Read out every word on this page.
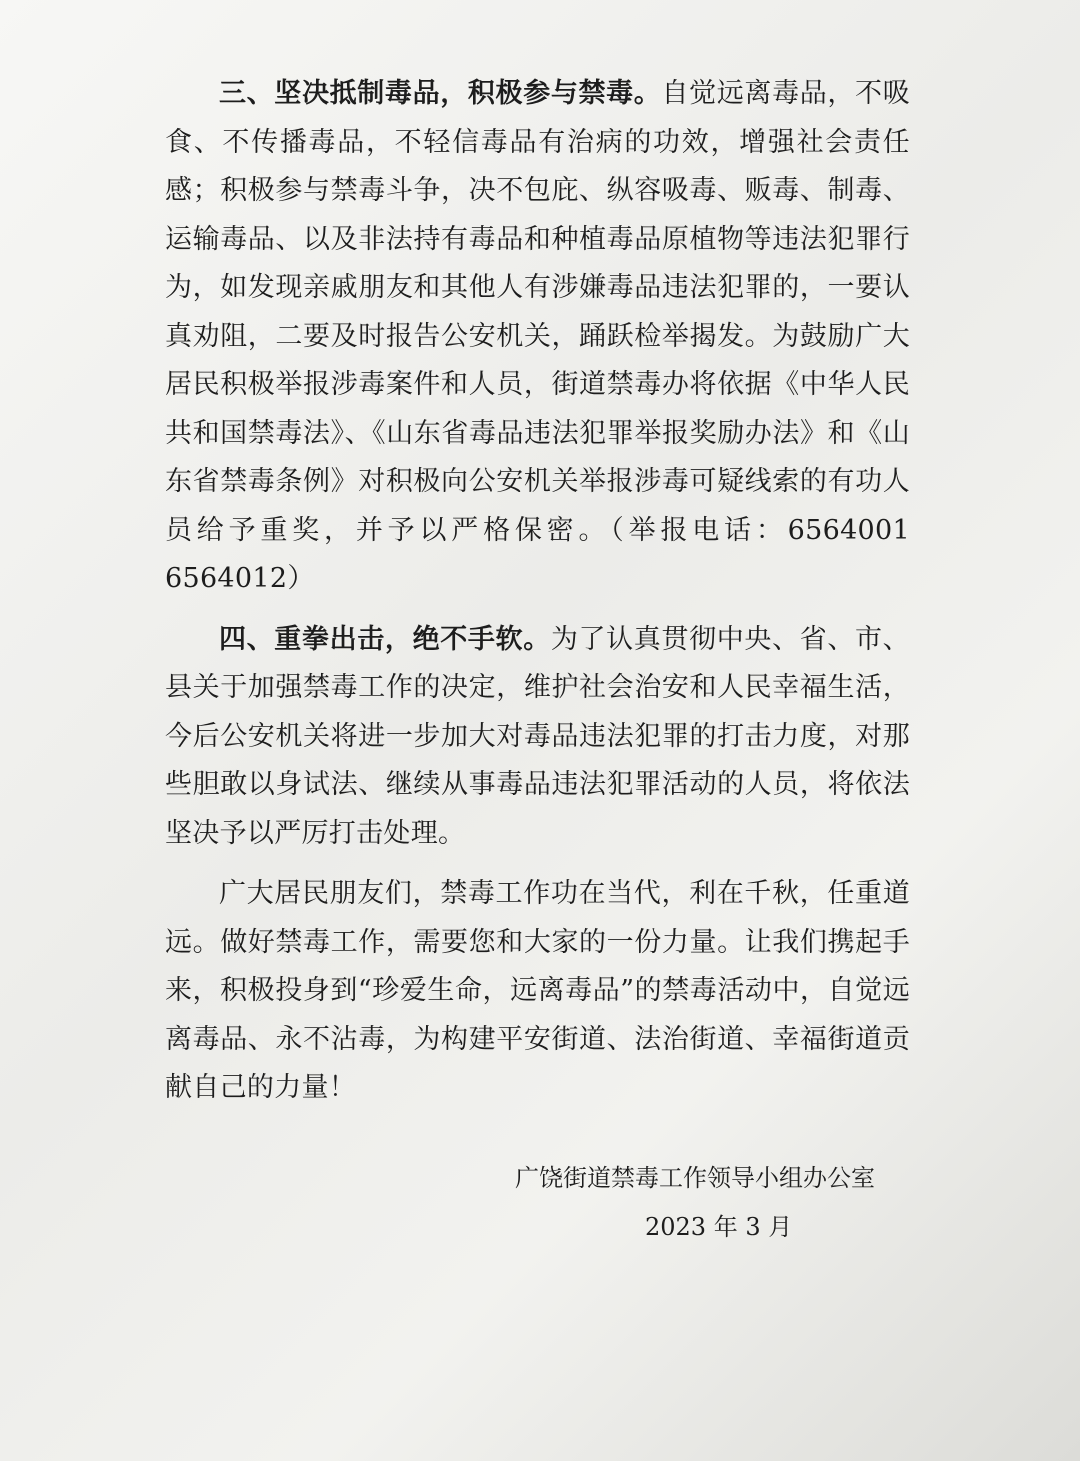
三、坚决抵制毒品，积极参与禁毒。自觉远离毒品，不吸食、不传播毒品，不轻信毒品有治病的功效，增强社会责任感；积极参与禁毒斗争，决不包庇、纵容吸毒、贩毒、制毒、运输毒品、以及非法持有毒品和种植毒品原植物等违法犯罪行为，如发现亲戚朋友和其他人有涉嫌毒品违法犯罪的，一要认真劝阻，二要及时报告公安机关，踊跃检举揭发。为鼓励广大居民积极举报涉毒案件和人员，街道禁毒办将依据《中华人民共和国禁毒法》、《山东省毒品违法犯罪举报奖励办法》和《山东省禁毒条例》对积极向公安机关举报涉毒可疑线索的有功人员给予重奖，并予以严格保密。（举报电话：6564001 6564012）

四、重拳出击，绝不手软。为了认真贯彻中央、省、市、县关于加强禁毒工作的决定，维护社会治安和人民幸福生活，今后公安机关将进一步加大对毒品违法犯罪的打击力度，对那些胆敢以身试法、继续从事毒品违法犯罪活动的人员，将依法坚决予以严厉打击处理。

广大居民朋友们，禁毒工作功在当代，利在千秋，任重道远。做好禁毒工作，需要您和大家的一份力量。让我们携起手来，积极投身到“珍爱生命，远离毒品”的禁毒活动中，自觉远离毒品、永不沾毒，为构建平安街道、法治街道、幸福街道贡献自己的力量！

广饶街道禁毒工作领导小组办公室

2023 年 3 月
